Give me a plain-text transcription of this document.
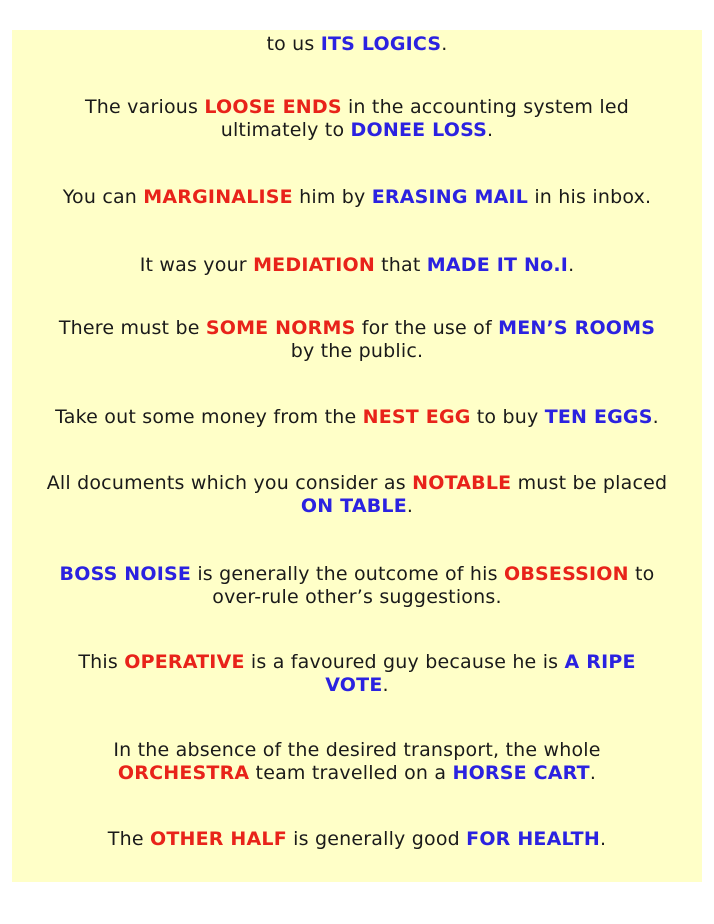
to us ITS LOGICS.
The various LOOSE ENDS in the accounting system led
ultimately to DONEE LOSS.
You can MARGINALISE him by ERASING MAIL in his inbox.
It was your MEDIATION that MADE IT No.I.
There must be SOME NORMS for the use of MEN’S ROOMS
by the public.
Take out some money from the NEST EGG to buy TEN EGGS.
All documents which you consider as NOTABLE must be placed
ON TABLE.
BOSS NOISE is generally the outcome of his OBSESSION to
over-rule other’s suggestions.
This OPERATIVE is a favoured guy because he is A RIPE
VOTE.
In the absence of the desired transport, the whole
ORCHESTRA team travelled on a HORSE CART.
The OTHER HALF is generally good FOR HEALTH.
